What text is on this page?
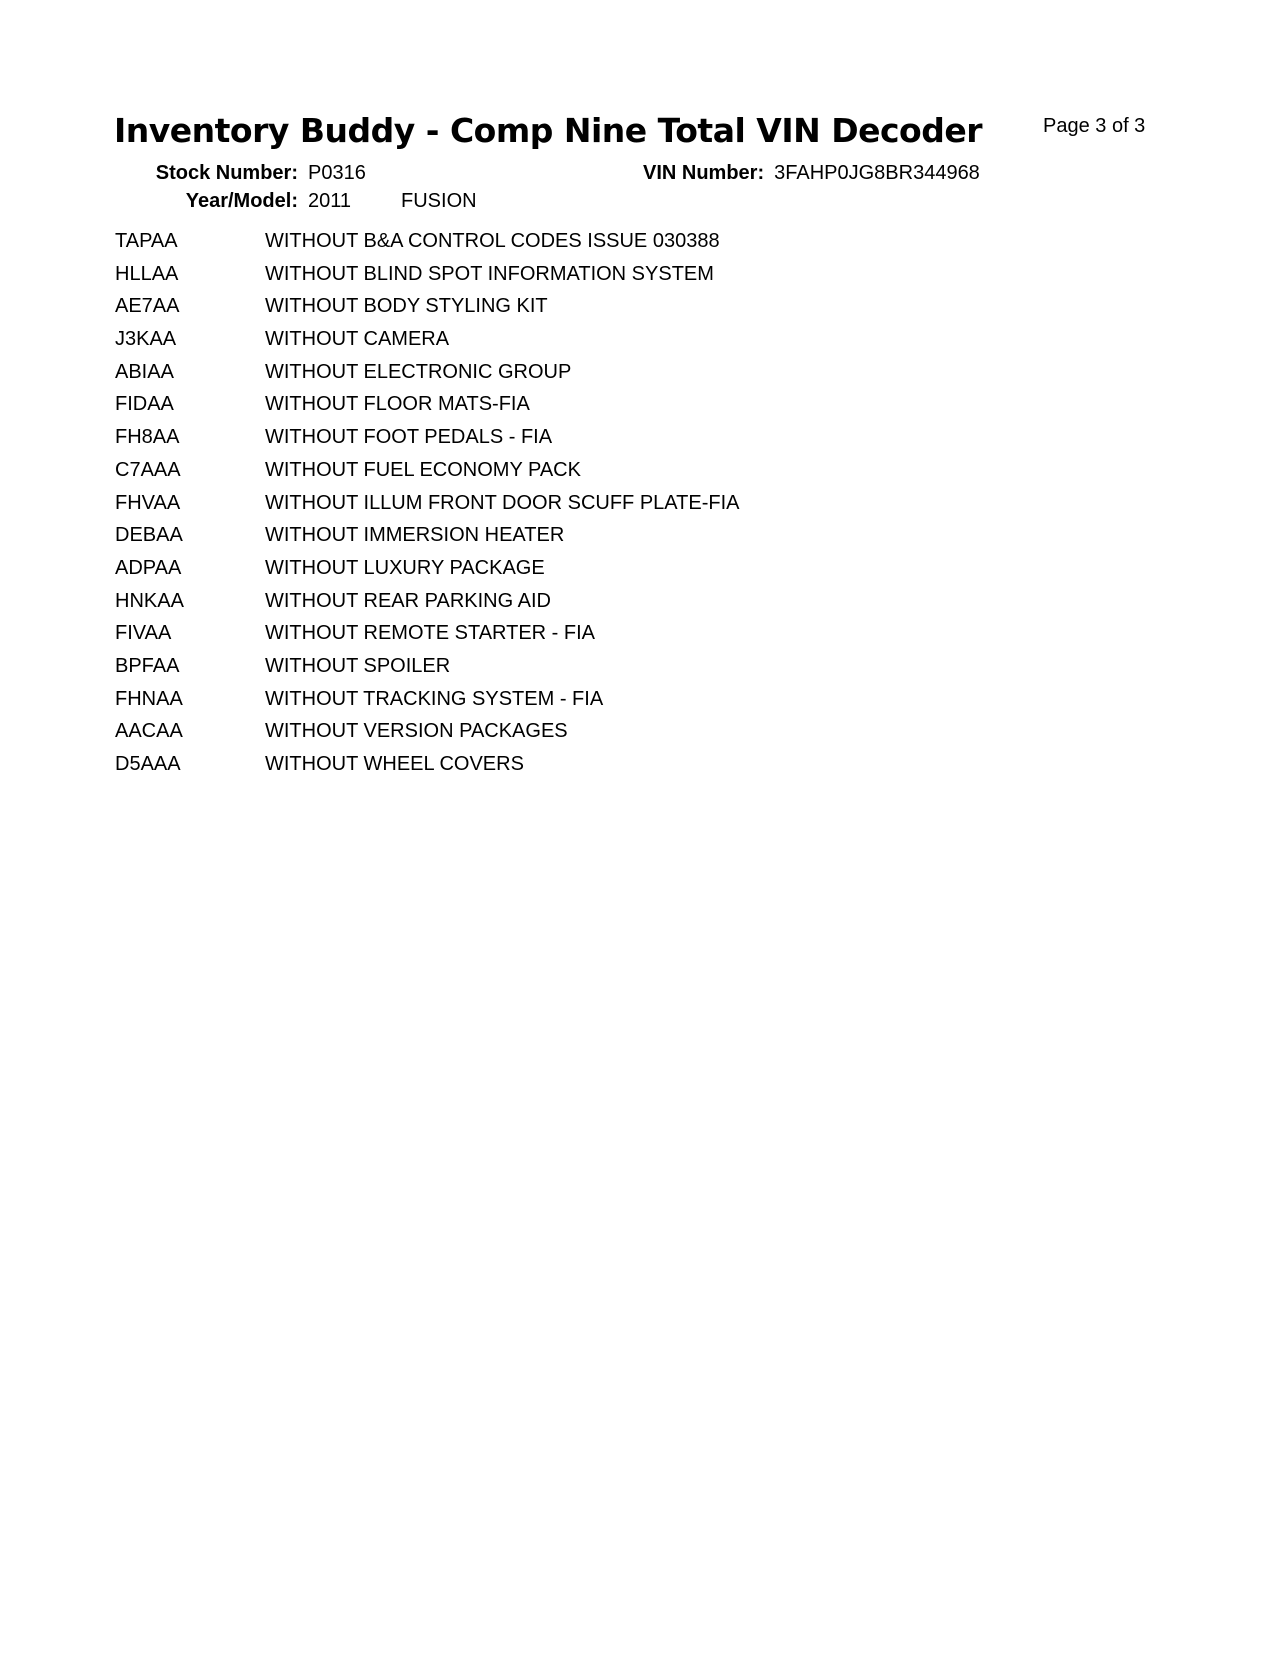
Inventory Buddy - Comp Nine Total VIN Decoder	Page 3 of 3
Stock Number: P0316	VIN Number: 3FAHP0JG8BR344968
Year/Model: 2011	FUSION
TAPAA	WITHOUT B&A CONTROL CODES ISSUE 030388
HLLAA	WITHOUT BLIND SPOT INFORMATION SYSTEM
AE7AA	WITHOUT BODY STYLING KIT
J3KAA	WITHOUT CAMERA
ABIAA	WITHOUT ELECTRONIC GROUP
FIDAA	WITHOUT FLOOR MATS-FIA
FH8AA	WITHOUT FOOT PEDALS - FIA
C7AAA	WITHOUT FUEL ECONOMY PACK
FHVAA	WITHOUT ILLUM FRONT DOOR SCUFF PLATE-FIA
DEBAA	WITHOUT IMMERSION HEATER
ADPAA	WITHOUT LUXURY PACKAGE
HNKAA	WITHOUT REAR PARKING AID
FIVAA	WITHOUT REMOTE STARTER - FIA
BPFAA	WITHOUT SPOILER
FHNAA	WITHOUT TRACKING SYSTEM - FIA
AACAA	WITHOUT VERSION PACKAGES
D5AAA	WITHOUT WHEEL COVERS
